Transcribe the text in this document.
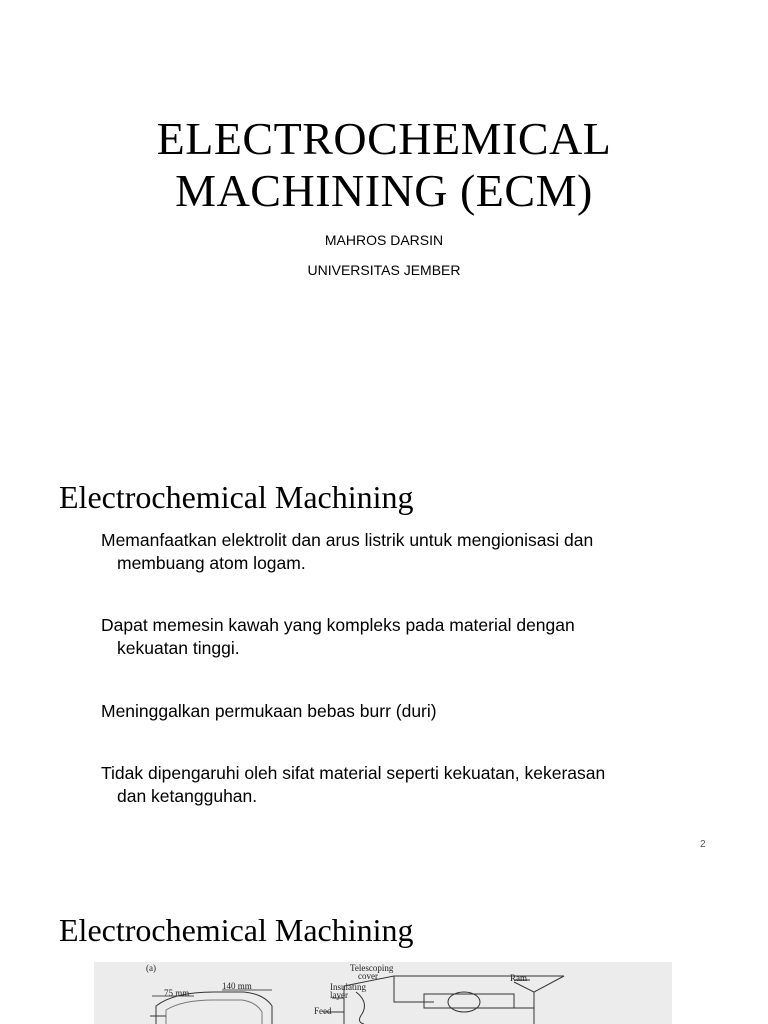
ELECTROCHEMICAL
MACHINING (ECM)
MAHROS DARSIN
UNIVERSITAS JEMBER
Electrochemical Machining
Memanfaatkan elektrolit dan arus listrik untuk mengionisasi dan membuang atom logam.
Dapat memesin kawah yang kompleks pada material dengan kekuatan tinggi.
Meninggalkan permukaan bebas burr (duri)
Tidak dipengaruhi oleh sifat material seperti kekuatan, kekerasan dan ketangguhan.
2
Electrochemical Machining
(a)
75 mm
140 mm
Telescoping
cover
Insulating
layer
Feed
Ram
